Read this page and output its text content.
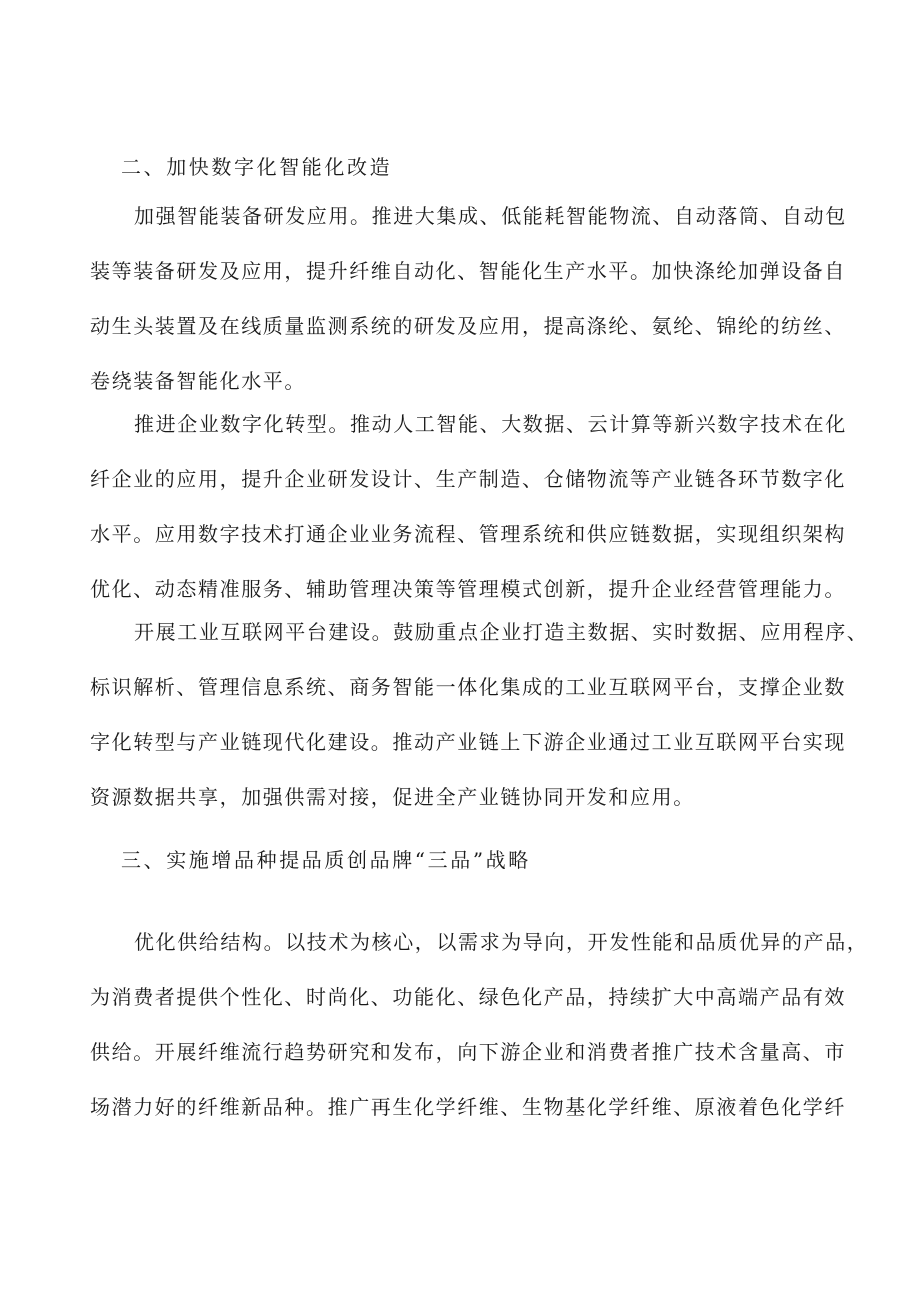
二、加快数字化智能化改造
加强智能装备研发应用。推进大集成、低能耗智能物流、自动落筒、自动包
装等装备研发及应用，提升纤维自动化、智能化生产水平。加快涤纶加弹设备自
动生头装置及在线质量监测系统的研发及应用，提高涤纶、氨纶、锦纶的纺丝、
卷绕装备智能化水平。
推进企业数字化转型。推动人工智能、大数据、云计算等新兴数字技术在化
纤企业的应用，提升企业研发设计、生产制造、仓储物流等产业链各环节数字化
水平。应用数字技术打通企业业务流程、管理系统和供应链数据，实现组织架构
优化、动态精准服务、辅助管理决策等管理模式创新，提升企业经营管理能力。
开展工业互联网平台建设。鼓励重点企业打造主数据、实时数据、应用程序、
标识解析、管理信息系统、商务智能一体化集成的工业互联网平台，支撑企业数
字化转型与产业链现代化建设。推动产业链上下游企业通过工业互联网平台实现
资源数据共享，加强供需对接，促进全产业链协同开发和应用。
三、实施增品种提品质创品牌“三品”战略
优化供给结构。以技术为核心，以需求为导向，开发性能和品质优异的产品，
为消费者提供个性化、时尚化、功能化、绿色化产品，持续扩大中高端产品有效
供给。开展纤维流行趋势研究和发布，向下游企业和消费者推广技术含量高、市
场潜力好的纤维新品种。推广再生化学纤维、生物基化学纤维、原液着色化学纤
